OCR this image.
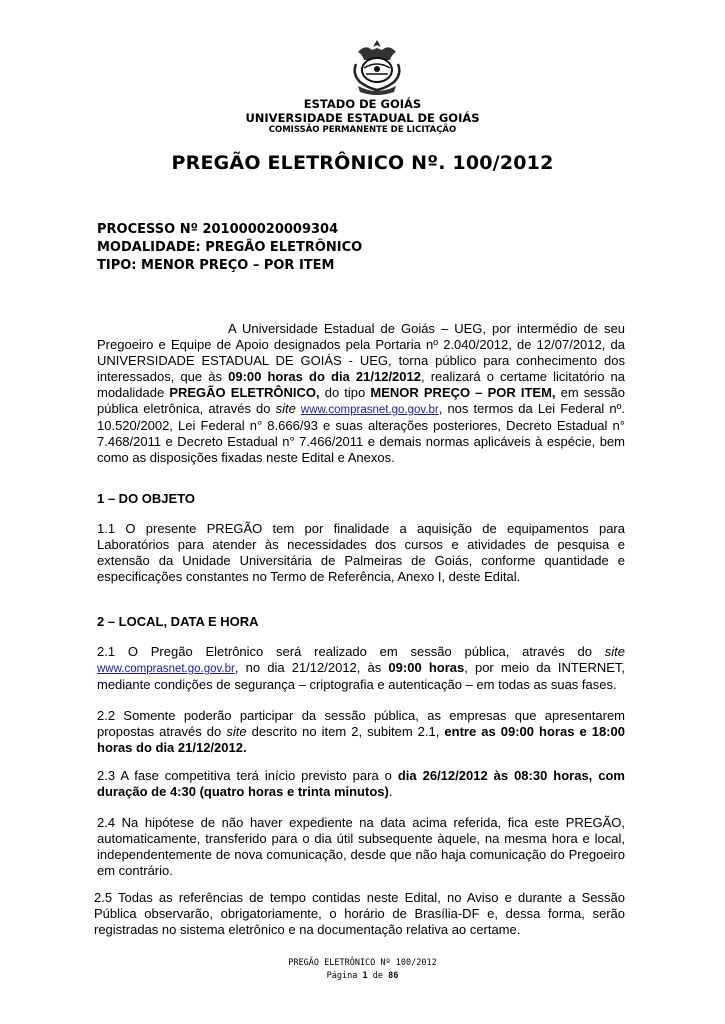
ESTADO DE GOIÁS
UNIVERSIDADE ESTADUAL DE GOIÁS
COMISSÃO PERMANENTE DE LICITAÇÃO
PREGÃO ELETRÔNICO Nº. 100/2012
PROCESSO Nº 201000020009304
MODALIDADE: PREGÃO ELETRÔNICO
TIPO: MENOR PREÇO – POR ITEM
A Universidade Estadual de Goiás – UEG, por intermédio de seu Pregoeiro e Equipe de Apoio designados pela Portaria nº 2.040/2012, de 12/07/2012, da UNIVERSIDADE ESTADUAL DE GOIÁS - UEG, torna público para conhecimento dos interessados, que às 09:00 horas do dia 21/12/2012, realizará o certame licitatório na modalidade PREGÃO ELETRÔNICO, do tipo MENOR PREÇO – POR ITEM, em sessão pública eletrônica, através do site www.comprasnet.go.gov.br, nos termos da Lei Federal nº. 10.520/2002, Lei Federal n° 8.666/93 e suas alterações posteriores, Decreto Estadual n° 7.468/2011 e Decreto Estadual n° 7.466/2011 e demais normas aplicáveis à espécie, bem como as disposições fixadas neste Edital e Anexos.
1 – DO OBJETO
1.1 O presente PREGÃO tem por finalidade a aquisição de equipamentos para Laboratórios para atender às necessidades dos cursos e atividades de pesquisa e extensão da Unidade Universitária de Palmeiras de Goiás, conforme quantidade e especificações constantes no Termo de Referência, Anexo I, deste Edital.
2 – LOCAL, DATA E HORA
2.1 O Pregão Eletrônico será realizado em sessão pública, através do site www.comprasnet.go.gov.br, no dia 21/12/2012, às 09:00 horas, por meio da INTERNET, mediante condições de segurança – criptografia e autenticação – em todas as suas fases.
2.2 Somente poderão participar da sessão pública, as empresas que apresentarem propostas através do site descrito no item 2, subitem 2.1, entre as 09:00 horas e 18:00 horas do dia 21/12/2012.
2.3 A fase competitiva terá início previsto para o dia 26/12/2012 às 08:30 horas, com duração de 4:30 (quatro horas e trinta minutos).
2.4 Na hipótese de não haver expediente na data acima referida, fica este PREGÃO, automaticamente, transferido para o dia útil subsequente àquele, na mesma hora e local, independentemente de nova comunicação, desde que não haja comunicação do Pregoeiro em contrário.
2.5 Todas as referências de tempo contidas neste Edital, no Aviso e durante a Sessão Pública observarão, obrigatoriamente, o horário de Brasília-DF e, dessa forma, serão registradas no sistema eletrônico e na documentação relativa ao certame.
PREGÃO ELETRÔNICO Nº 100/2012
Página 1 de 86
